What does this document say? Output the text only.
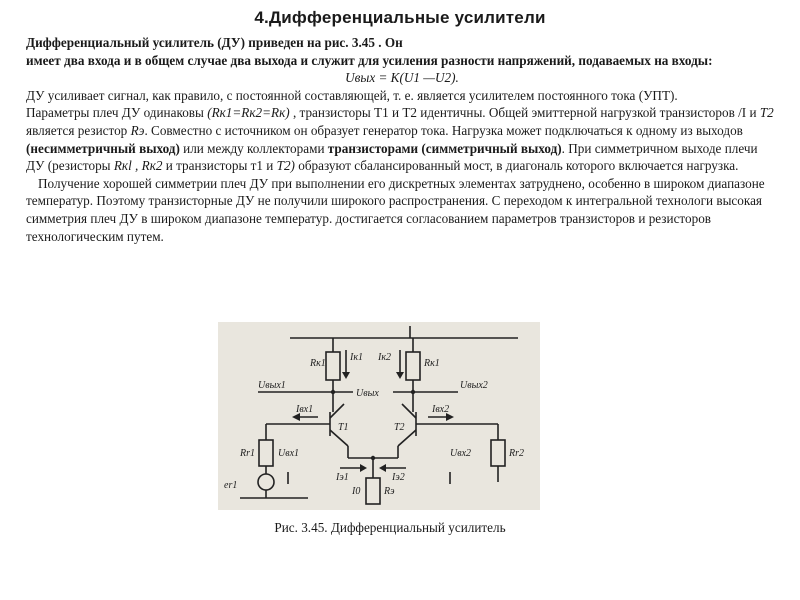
4.Дифференциальные усилители

Дифференциальный усилитель (ДУ) приведен на рис. 3.45 . Он

имеет два входа и в общем случае два выхода и служит для усиления разности напряжений, подаваемых на входы:

Uвых = K(U1 —U2).

ДУ усиливает сигнал, как правило, с постоянной составляющей, т. е. является усилителем постоянного тока (УПТ).

Параметры плеч ДУ одинаковы (Rк1=Rк2=Rк) , транзисторы T1 и T2 идентичны. Общей эмиттерной нагрузкой транзисторов /I и T2 является резистор Rэ. Совместно с источником он образует генератор тока. Нагрузка может подключаться к одному из выходов (несимметричный выход) или между коллекторами транзисторами (симметричный выход). При симметричном выходе плечи ДУ (резисторы Rкl , Rк2 и транзисторы т1 и T2) образуют сбалансированный мост, в диагональ которого включается нагрузка.

Получение хорошей симметрии плеч ДУ при выполнении его дискретных элементах затруднено, особенно в широком диапазоне температур. Поэтому транзисторные ДУ не получили широкого распространения. С переходом к интегральной технологи высокая симметрия плеч ДУ в широком диапазоне температур. достигается согласованием параметров транзисторов и резисторов технологическим путем.

Rк1
Iк1 Iк2
Rк1
Uвых1
Uвых
Uвых2
Iвх1	Iвх2
T1	T2
Rr1 Uвх1	Uвх2	Rr2
Iэ1	Iэ2
er1
I0 Rэ
Рис. 3.45. Дифференциальный усилитель
